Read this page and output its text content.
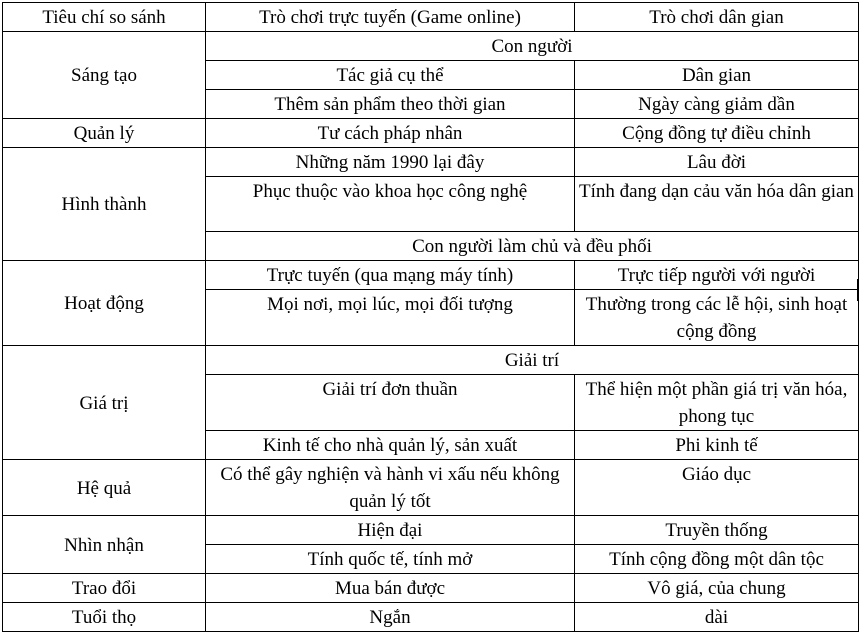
Tiêu chí so sánh	Trò chơi trực tuyến (Game online)	Trò chơi dân gian
Sáng tạo	Con người	
	Tác giả cụ thể	Dân gian
	Thêm sản phẩm theo thời gian	Ngày càng giảm dần
Quản lý	Tư cách pháp nhân	Cộng đồng tự điều chỉnh
Hình thành	Những năm 1990 lại đây	Lâu đời
	Phục thuộc vào khoa học công nghệ	Tính đang dạn cảu văn hóa dân gian
	Con người làm chủ và đều phối	
Hoạt động	Trực tuyến (qua mạng máy tính)	Trực tiếp người với người
	Mọi nơi, mọi lúc, mọi đối tượng	Thường trong các lễ hội, sinh hoạt cộng đồng
Giá trị	Giải trí	
	Giải trí đơn thuần	Thể hiện một phần giá trị văn hóa, phong tục
	Kinh tế cho nhà quản lý, sản xuất	Phi kinh tế
Hệ quả	Có thể gây nghiện và hành vi xấu nếu không quản lý tốt	Giáo dục
Nhìn nhận	Hiện đại	Truyền thống
	Tính quốc tế, tính mở	Tính cộng đồng một dân tộc
Trao đổi	Mua bán được	Vô giá, của chung
Tuổi thọ	Ngắn	dài
